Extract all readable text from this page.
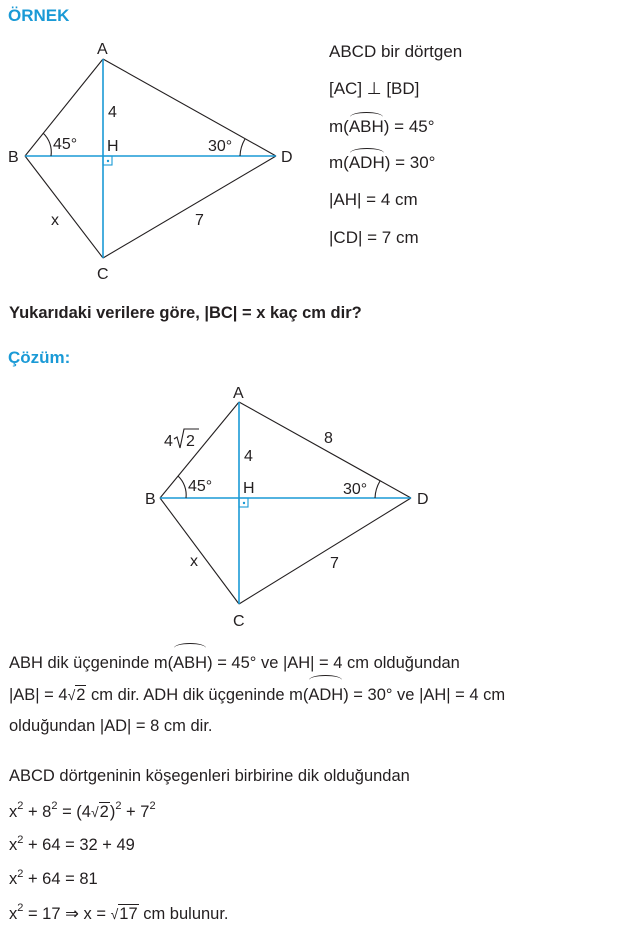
ÖRNEK
A
B
C
D
H
4
x	7
45°	30°
ABCD bir dörtgen
[AC] ⊥ [BD]
m(ABH) = 45°
m(ADH) = 30°
|AH| = 4 cm
|CD| = 7 cm
Yukarıdaki verilere göre, |BC| = x kaç cm dir?
Çözüm:
A
B
C
D
H
4
8
x	7
45°	30°
4 2
ABH dik üçgeninde m(ABH) = 45° ve |AH| = 4 cm olduğundan
|AB| = 4√2 cm dir. ADH dik üçgeninde m(ADH) = 30° ve |AH| = 4 cm
olduğundan |AD| = 8 cm dir.
ABCD dörtgeninin köşegenleri birbirine dik olduğundan
$x^2 + 8^2 = (4√2)^2 + 7^2$
$x^2 + 64 = 32 + 49$
$x^2 + 64 = 81$
$x^2 = 17$ ⇒ x = √17 cm bulunur.
